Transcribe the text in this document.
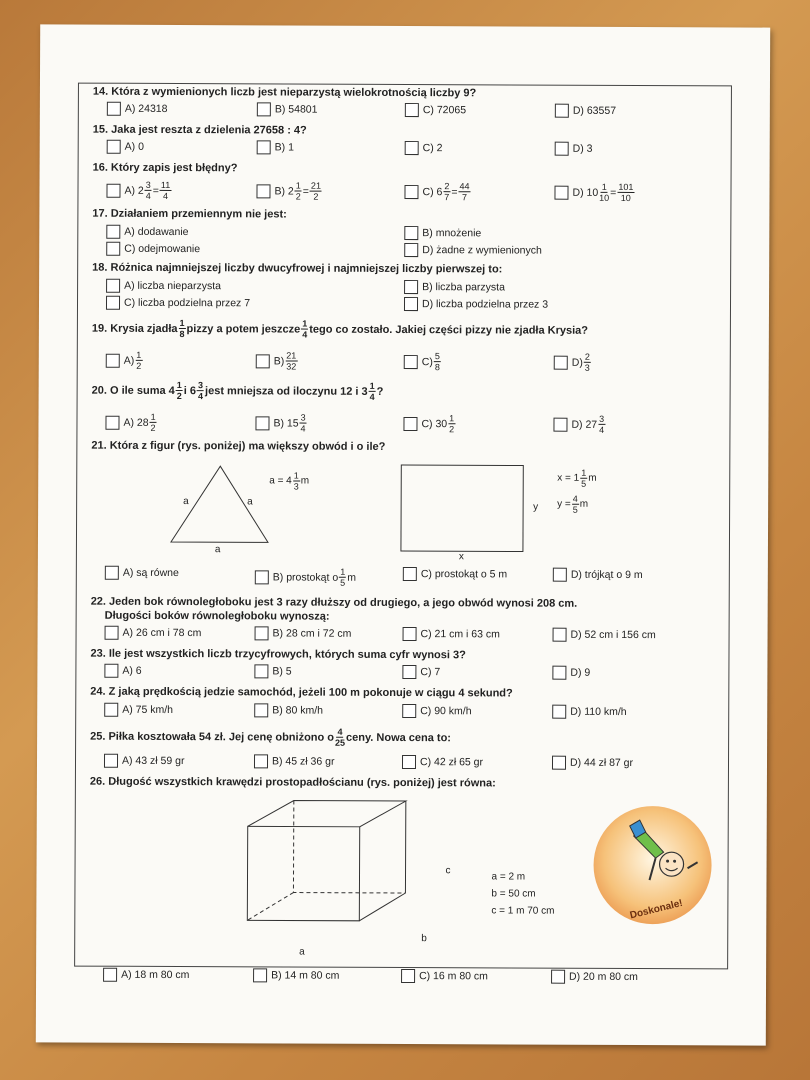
14. Która z wymienionych liczb jest nieparzystą wielokrotnością liczby 9?
A) 24318	B) 54801	C) 72065	D) 63557
15. Jaka jest reszta z dzielenia 27658 : 4?
A) 0	B) 1	C) 2	D) 3
16. Który zapis jest błędny?
A) $2 \frac{3}{4} = \frac{11}{4}$	B) $2 \frac{1}{2} = \frac{21}{2}$	C) $6 \frac{2}{7} = \frac{44}{7}$	D) $10 \frac{1}{10} = \frac{101}{10}$
17. Działaniem przemiennym nie jest:
A) dodawanie	B) mnożenie
C) odejmowanie	D) żadne z wymienionych
18. Różnica najmniejszej liczby dwucyfrowej i najmniejszej liczby pierwszej to:
A) liczba nieparzysta	B) liczba parzysta
C) liczba podzielna przez 7	D) liczba podzielna przez 3
19. Krysia zjadła $\frac{1}{8}$ pizzy a potem jeszcze $\frac{1}{4}$ tego co zostało. Jakiej części pizzy nie zjadła Krysia?
$A) \frac{1}{2}$	$B) \frac{21}{32}$	$C) \frac{5}{8}$	$D) \frac{2}{3}$
20. O ile suma $4 \frac{1}{2}$ i $6 \frac{3}{4}$ jest mniejsza od iloczynu 12 i $3 \frac{1}{4}$ ?
A) $28 \frac{1}{2}$	B) $15 \frac{3}{4}$	C) $30 \frac{1}{2}$	D) $27 \frac{3}{4}$
21. Która z figur (rys. poniżej) ma większy obwód i o ile?
a	a
a
$a = 4 \frac{1}{3}$ m
x
y
$x = 1 \frac{1}{5}$ m
$y = \frac{4}{5}$ m
A) są równe	B) prostokąt o $\frac{1}{5}$ m	C) prostokąt o 5 m	D) trójkąt o 9 m
22. Jeden bok równoległoboku jest 3 razy dłuższy od drugiego, a jego obwód wynosi 208 cm.
Długości boków równoległoboku wynoszą:
A) 26 cm i 78 cm	B) 28 cm i 72 cm	C) 21 cm i 63 cm	D) 52 cm i 156 cm
23. Ile jest wszystkich liczb trzycyfrowych, których suma cyfr wynosi 3?
A) 6	B) 5	C) 7	D) 9
24. Z jaką prędkością jedzie samochód, jeżeli 100 m pokonuje w ciągu 4 sekund?
A) 75 km/h	B) 80 km/h	C) 90 km/h	D) 110 km/h
25. Piłka kosztowała 54 zł. Jej cenę obniżono o $\frac{4}{25}$ ceny. Nowa cena to:
A) 43 zł 59 gr	B) 45 zł 36 gr	C) 42 zł 65 gr	D) 44 zł 87 gr
26. Długość wszystkich krawędzi prostopadłościanu (rys. poniżej) jest równa:
c
b
a
a = 2 m
b = 50 cm
c = 1 m 70 cm
A) 18 m 80 cm	B) 14 m 80 cm	C) 16 m 80 cm	D) 20 m 80 cm
Doskonale!
